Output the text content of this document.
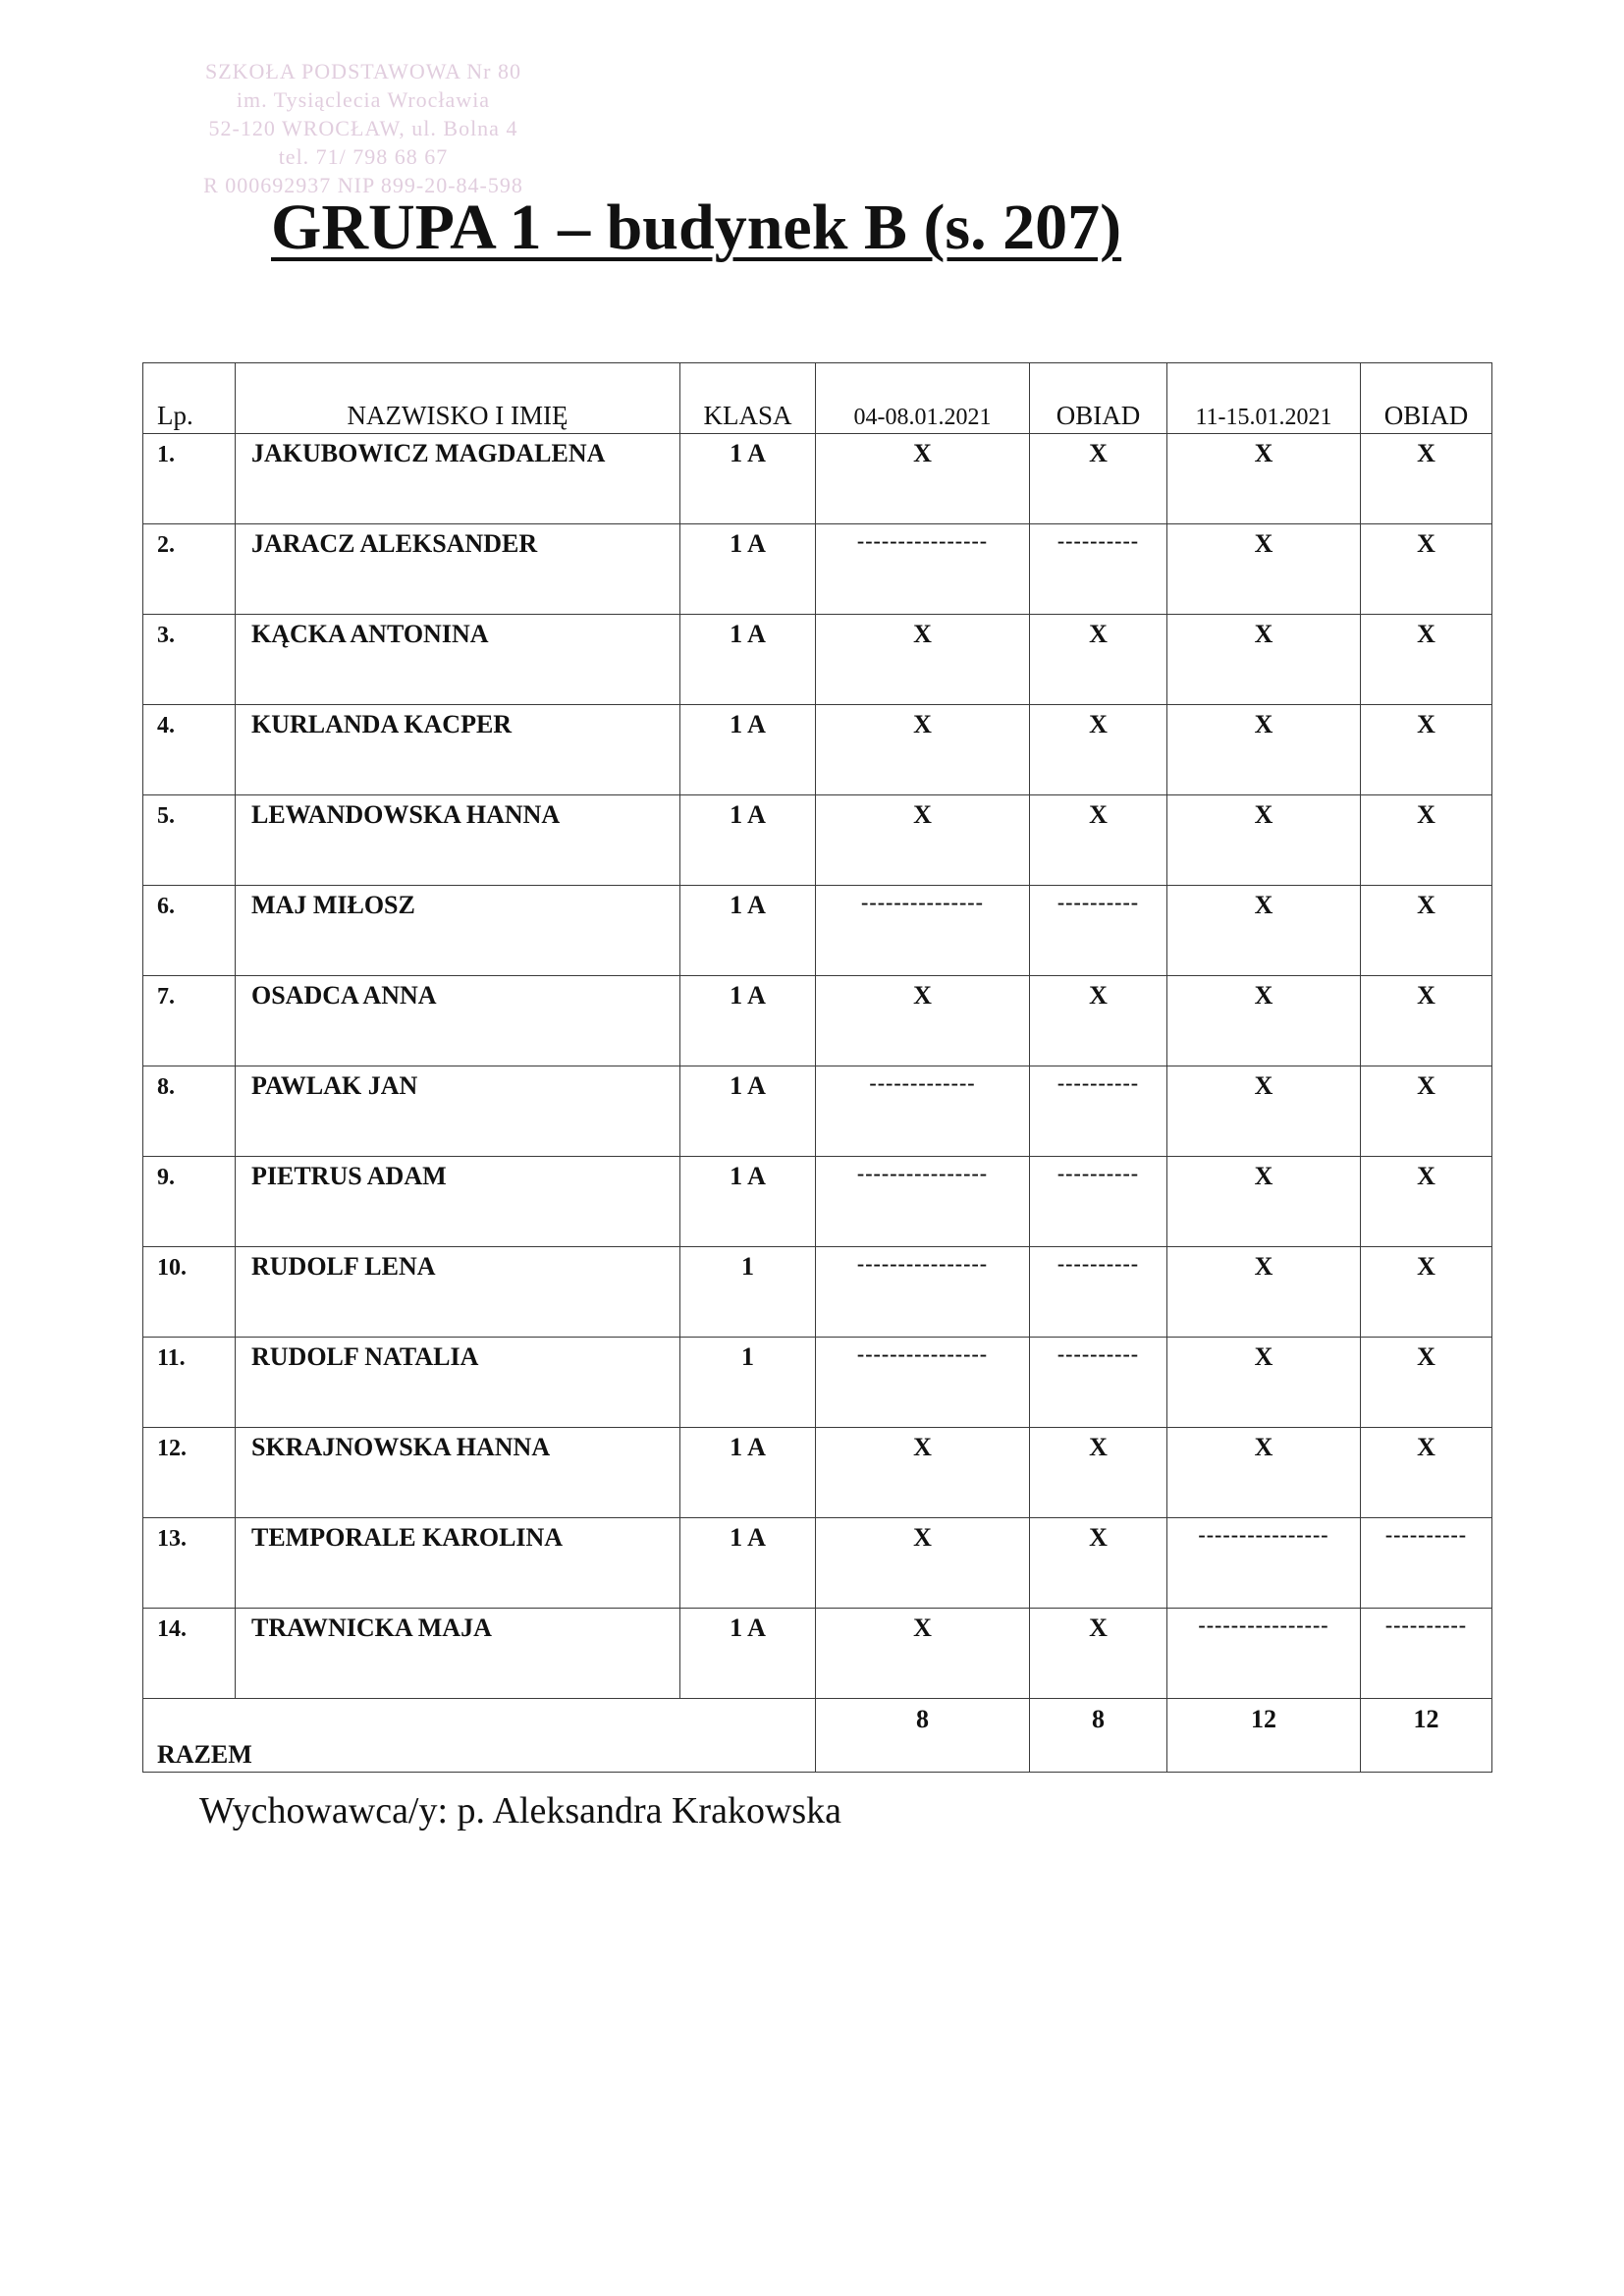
SZKOŁA PODSTAWOWA Nr 80
im. Tysiąclecia Wrocławia
52-120 WROCŁAW, ul. Bolna 4
tel. 71/ 798 68 67
R 000692937 NIP 899-20-84-598
GRUPA 1 – budynek B (s. 207)
Lp.	NAZWISKO I IMIĘ	KLASA	04-08.01.2021	OBIAD	11-15.01.2021	OBIAD
1.	JAKUBOWICZ MAGDALENA	1 A	X	X	X	X
2.	JARACZ ALEKSANDER	1 A	----------------	----------	X	X
3.	KĄCKA ANTONINA	1 A	X	X	X	X
4.	KURLANDA KACPER	1 A	X	X	X	X
5.	LEWANDOWSKA HANNA	1 A	X	X	X	X
6.	MAJ MIŁOSZ	1 A	---------------	----------	X	X
7.	OSADCA ANNA	1 A	X	X	X	X
8.	PAWLAK JAN	1 A	-------------	----------	X	X
9.	PIETRUS ADAM	1 A	----------------	----------	X	X
10.	RUDOLF LENA	1	----------------	----------	X	X
11.	RUDOLF NATALIA	1	----------------	----------	X	X
12.	SKRAJNOWSKA HANNA	1 A	X	X	X	X
13.	TEMPORALE KAROLINA	1 A	X	X	----------------	----------
14.	TRAWNICKA MAJA	1 A	X	X	----------------	----------
RAZEM			8	8	12	12

Wychowawca/y: p. Aleksandra Krakowska
